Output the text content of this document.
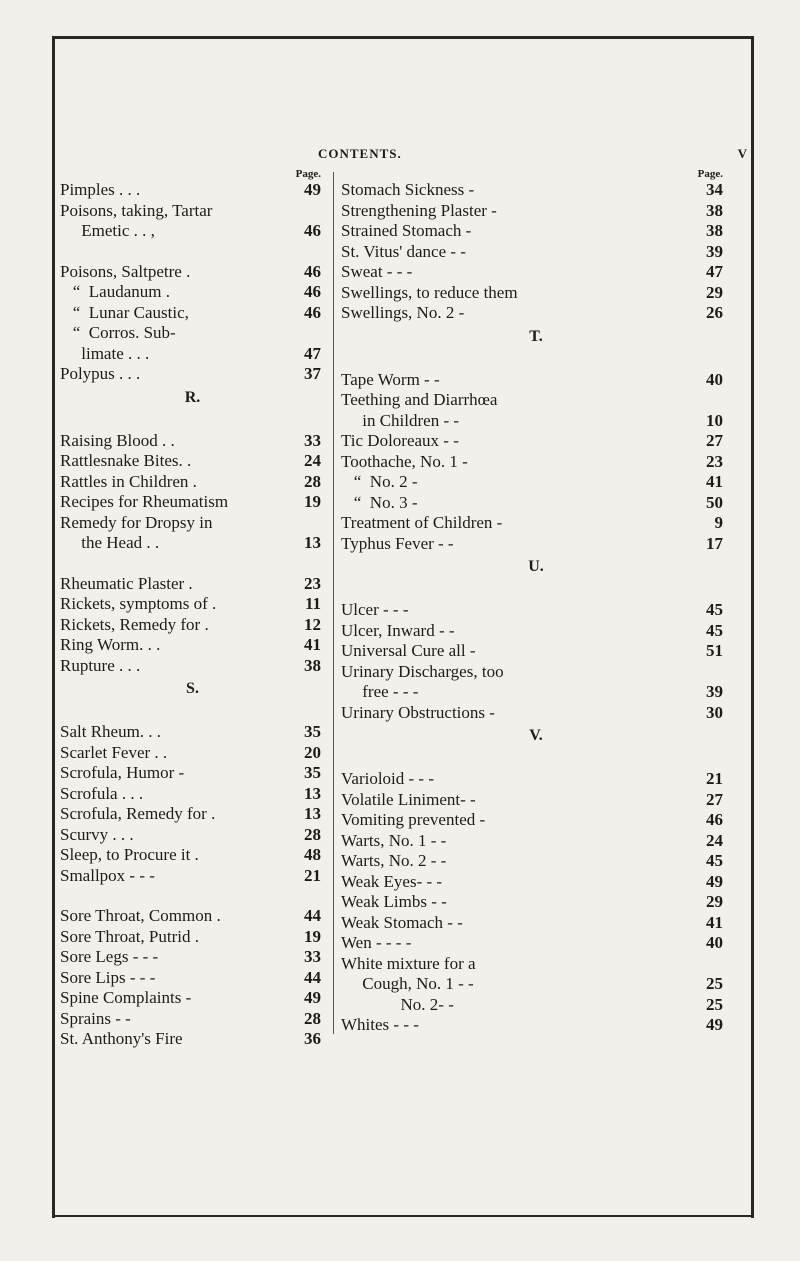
CONTENTS.	V
Page.
Pimples . . .	49
Poisons, taking, Tartar
Emetic . . ,	46
Poisons, Saltpetre .	46
“  Laudanum .	46
“  Lunar Caustic,	46
“  Corros. Sub-
limate . . .	47
Polypus . . .	37
R.
Raising Blood . .	33
Rattlesnake Bites. .	24
Rattles in Children .	28
Recipes for Rheumatism	19
Remedy for Dropsy in
the Head . .	13
Rheumatic Plaster .	23
Rickets, symptoms of .	11
Rickets, Remedy for .	12
Ring Worm. . .	41
Rupture . . .	38
S.
Salt Rheum. . .	35
Scarlet Fever . .	20
Scrofula, Humor -	35
Scrofula . . .	13
Scrofula, Remedy for .	13
Scurvy . . .	28
Sleep, to Procure it .	48
Smallpox - - -	21
Sore Throat, Common .	44
Sore Throat, Putrid .	19
Sore Legs - - -	33
Sore Lips - - -	44
Spine Complaints -	49
Sprains - -	28
St. Anthony's Fire	36
Page.
Stomach Sickness -	34
Strengthening Plaster -	38
Strained Stomach -	38
St. Vitus' dance - -	39
Sweat - - -	47
Swellings, to reduce them	29
Swellings, No. 2 -	26
T.
Tape Worm - -	40
Teething and Diarrhœa
in Children - -	10
Tic Doloreaux - -	27
Toothache, No. 1 -	23
“  No. 2 -	41
“  No. 3 -	50
Treatment of Children -	9
Typhus Fever - -	17
U.
Ulcer - - -	45
Ulcer, Inward - -	45
Universal Cure all -	51
Urinary Discharges, too
free - - -	39
Urinary Obstructions -	30
V.
Varioloid - - -	21
Volatile Liniment- -	27
Vomiting prevented -	46
Warts, No. 1 - -	24
Warts, No. 2 - -	45
Weak Eyes- - -	49
Weak Limbs - -	29
Weak Stomach - -	41
Wen - - - -	40
White mixture for a
Cough, No. 1 - -	25
No. 2- -	25
Whites - - -	49
